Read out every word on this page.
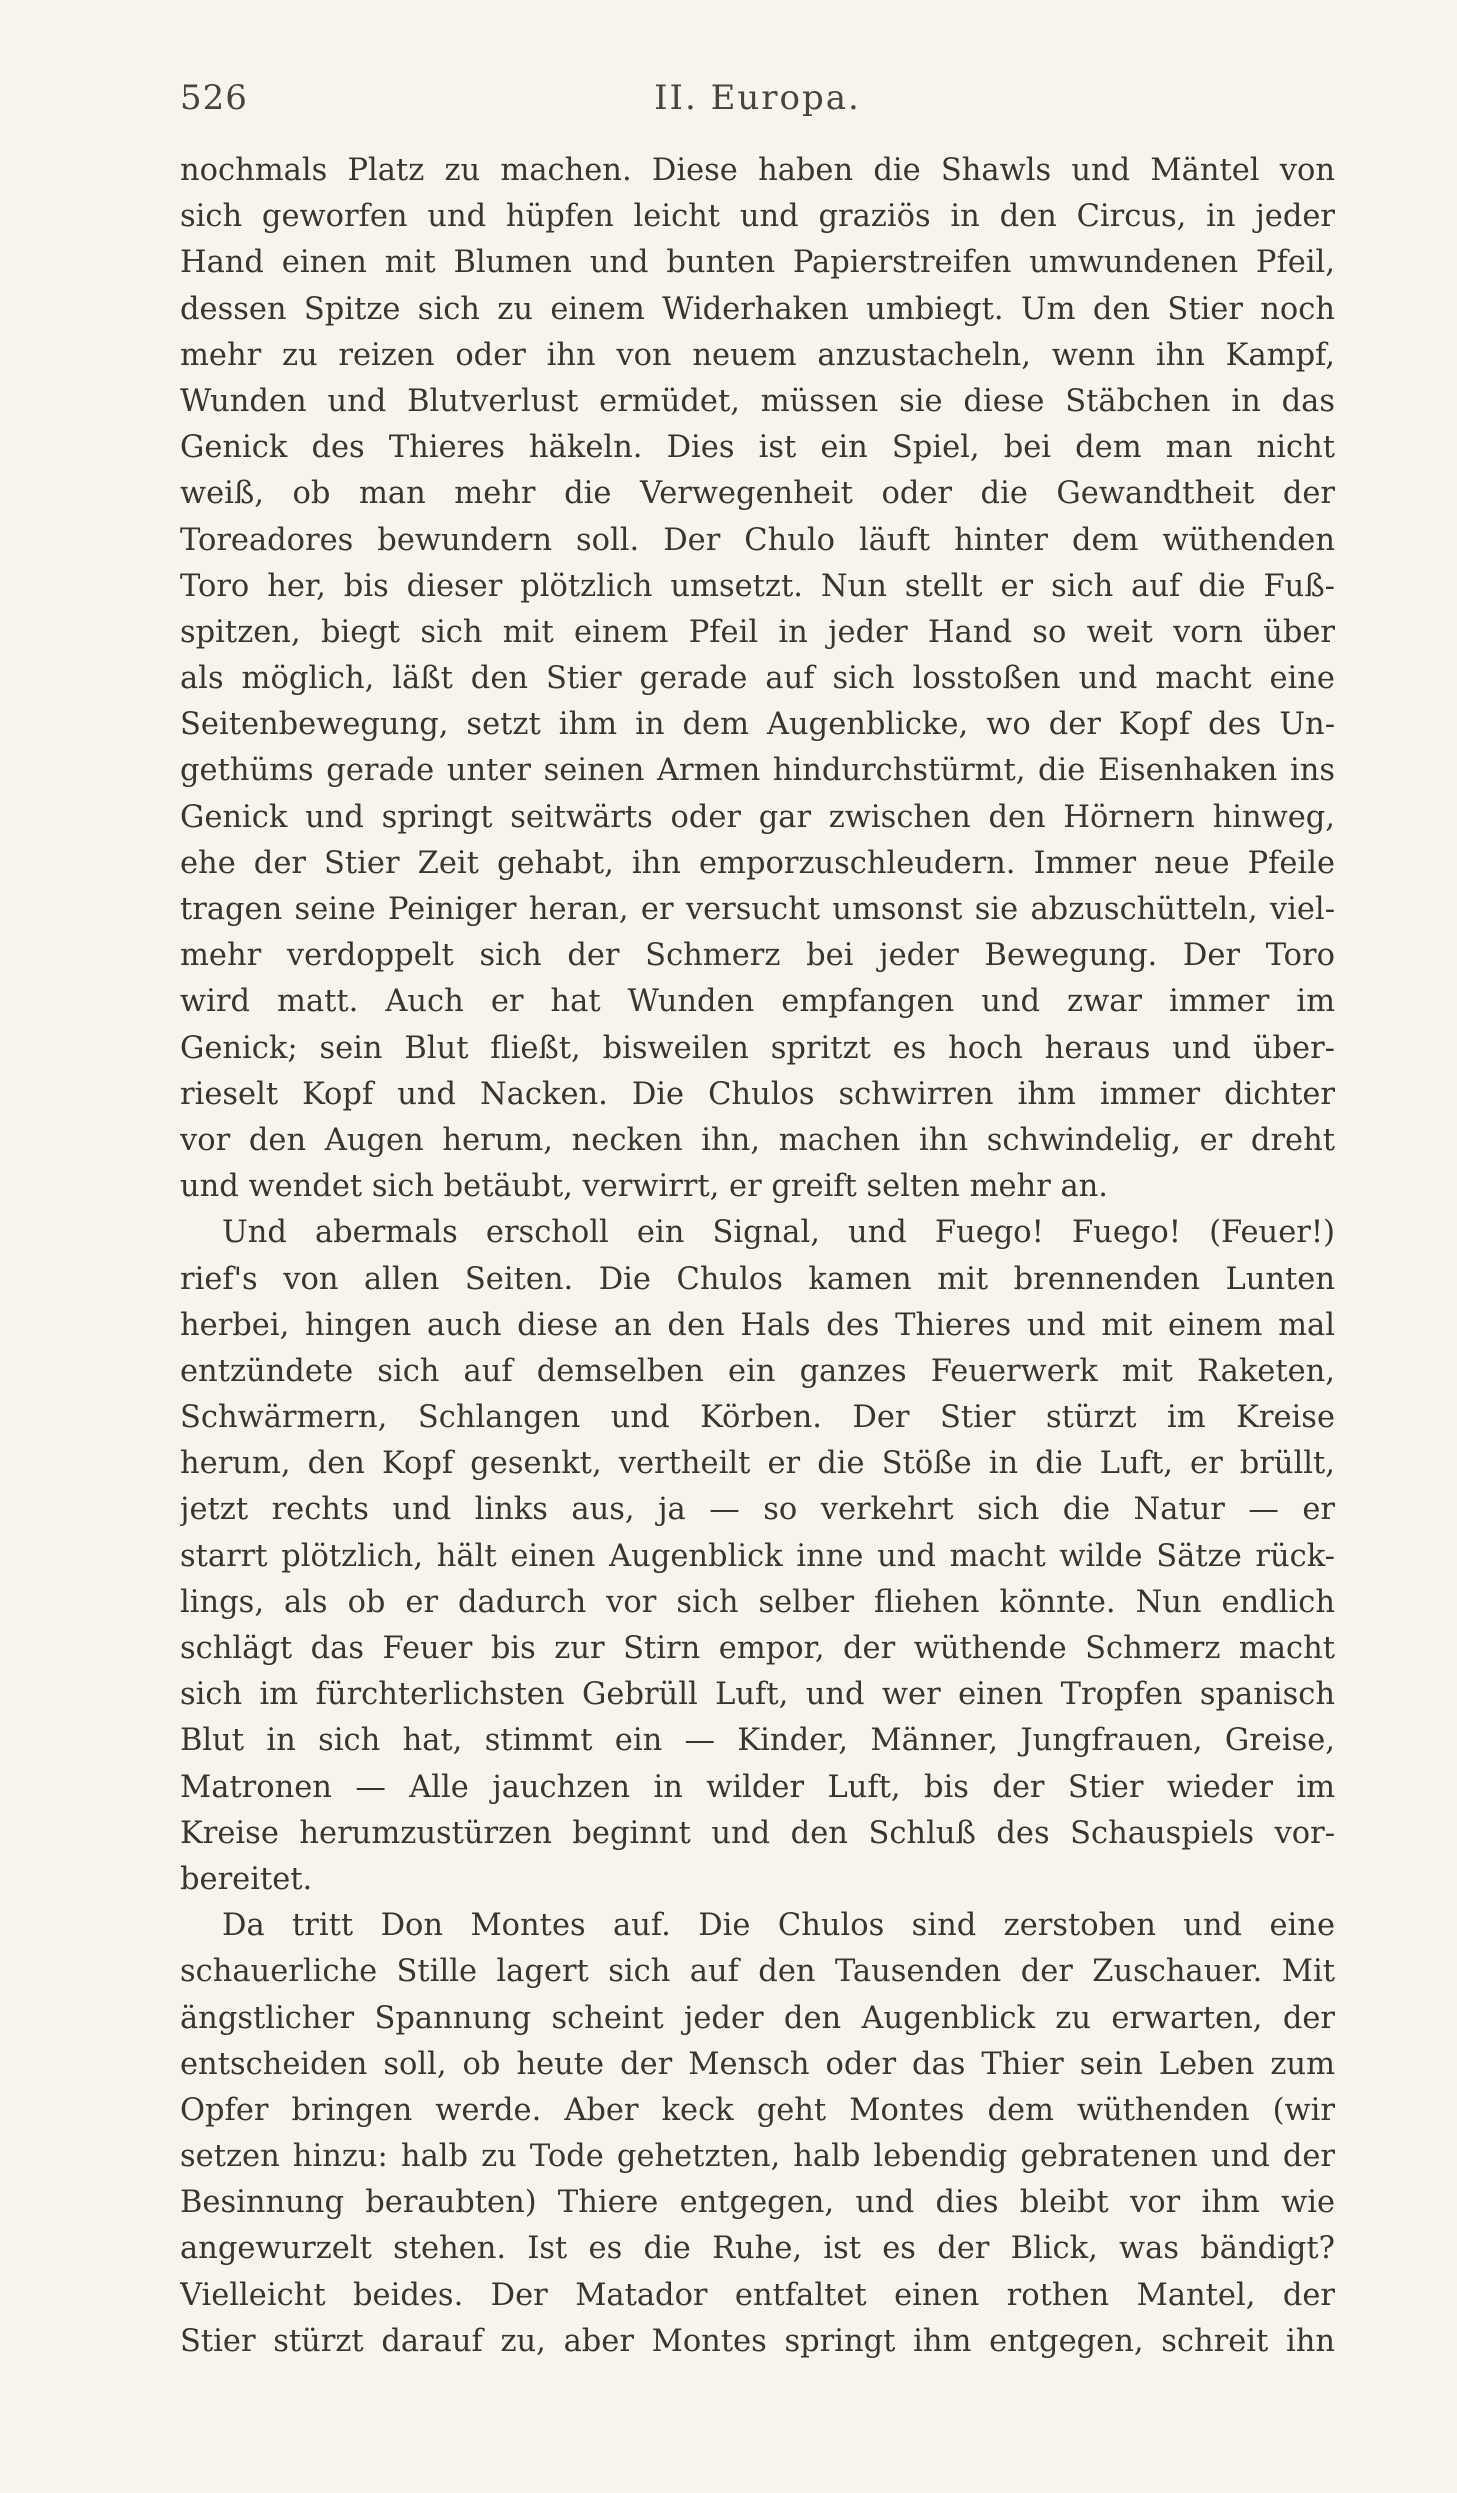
526	II. Europa.
nochmals Platz zu machen. Diese haben die Shawls und Mäntel von
sich geworfen und hüpfen leicht und graziös in den Circus, in jeder
Hand einen mit Blumen und bunten Papierstreifen umwundenen Pfeil,
dessen Spitze sich zu einem Widerhaken umbiegt. Um den Stier noch
mehr zu reizen oder ihn von neuem anzustacheln, wenn ihn Kampf,
Wunden und Blutverlust ermüdet, müssen sie diese Stäbchen in das
Genick des Thieres häkeln. Dies ist ein Spiel, bei dem man nicht
weiß, ob man mehr die Verwegenheit oder die Gewandtheit der
Toreadores bewundern soll. Der Chulo läuft hinter dem wüthenden
Toro her, bis dieser plötzlich umsetzt. Nun stellt er sich auf die Fuß-
spitzen, biegt sich mit einem Pfeil in jeder Hand so weit vorn über
als möglich, läßt den Stier gerade auf sich losstoßen und macht eine
Seitenbewegung, setzt ihm in dem Augenblicke, wo der Kopf des Un-
gethüms gerade unter seinen Armen hindurchstürmt, die Eisenhaken ins
Genick und springt seitwärts oder gar zwischen den Hörnern hinweg,
ehe der Stier Zeit gehabt, ihn emporzuschleudern. Immer neue Pfeile
tragen seine Peiniger heran, er versucht umsonst sie abzuschütteln, viel-
mehr verdoppelt sich der Schmerz bei jeder Bewegung. Der Toro
wird matt. Auch er hat Wunden empfangen und zwar immer im
Genick; sein Blut fließt, bisweilen spritzt es hoch heraus und über-
rieselt Kopf und Nacken. Die Chulos schwirren ihm immer dichter
vor den Augen herum, necken ihn, machen ihn schwindelig, er dreht
und wendet sich betäubt, verwirrt, er greift selten mehr an.
Und abermals erscholl ein Signal, und Fuego! Fuego! (Feuer!)
rief's von allen Seiten. Die Chulos kamen mit brennenden Lunten
herbei, hingen auch diese an den Hals des Thieres und mit einem mal
entzündete sich auf demselben ein ganzes Feuerwerk mit Raketen,
Schwärmern, Schlangen und Körben. Der Stier stürzt im Kreise
herum, den Kopf gesenkt, vertheilt er die Stöße in die Luft, er brüllt,
jetzt rechts und links aus, ja — so verkehrt sich die Natur — er
starrt plötzlich, hält einen Augenblick inne und macht wilde Sätze rück-
lings, als ob er dadurch vor sich selber fliehen könnte. Nun endlich
schlägt das Feuer bis zur Stirn empor, der wüthende Schmerz macht
sich im fürchterlichsten Gebrüll Luft, und wer einen Tropfen spanisch
Blut in sich hat, stimmt ein — Kinder, Männer, Jungfrauen, Greise,
Matronen — Alle jauchzen in wilder Luft, bis der Stier wieder im
Kreise herumzustürzen beginnt und den Schluß des Schauspiels vor-
bereitet.
Da tritt Don Montes auf. Die Chulos sind zerstoben und eine
schauerliche Stille lagert sich auf den Tausenden der Zuschauer. Mit
ängstlicher Spannung scheint jeder den Augenblick zu erwarten, der
entscheiden soll, ob heute der Mensch oder das Thier sein Leben zum
Opfer bringen werde. Aber keck geht Montes dem wüthenden (wir
setzen hinzu: halb zu Tode gehetzten, halb lebendig gebratenen und der
Besinnung beraubten) Thiere entgegen, und dies bleibt vor ihm wie
angewurzelt stehen. Ist es die Ruhe, ist es der Blick, was bändigt?
Vielleicht beides. Der Matador entfaltet einen rothen Mantel, der
Stier stürzt darauf zu, aber Montes springt ihm entgegen, schreit ihn
